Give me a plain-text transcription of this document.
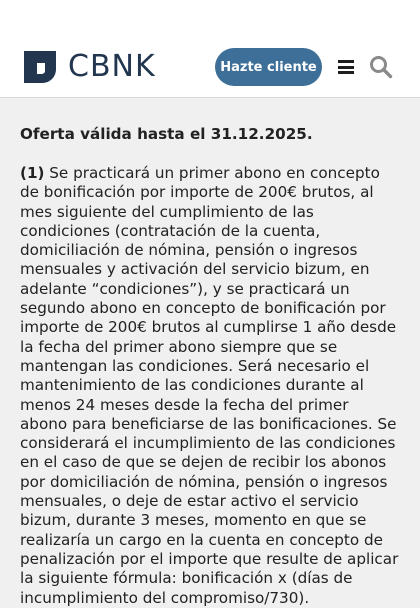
CBNK	Hazte cliente

Oferta válida hasta el 31.12.2025.

(1) Se practicará un primer abono en concepto de bonificación por importe de 200€ brutos, al mes siguiente del cumplimiento de las condiciones (contratación de la cuenta, domiciliación de nómina, pensión o ingresos mensuales y activación del servicio bizum, en adelante “condiciones”), y se practicará un segundo abono en concepto de bonificación por importe de 200€ brutos al cumplirse 1 año desde la fecha del primer abono siempre que se mantengan las condiciones. Será necesario el mantenimiento de las condiciones durante al menos 24 meses desde la fecha del primer abono para beneficiarse de las bonificaciones. Se considerará el incumplimiento de las condiciones en el caso de que se dejen de recibir los abonos por domiciliación de nómina, pensión o ingresos mensuales, o deje de estar activo el servicio bizum, durante 3 meses, momento en que se realizaría un cargo en la cuenta en concepto de penalización por el importe que resulte de aplicar la siguiente fórmula: bonificación x (días de incumplimiento del compromiso/730).
